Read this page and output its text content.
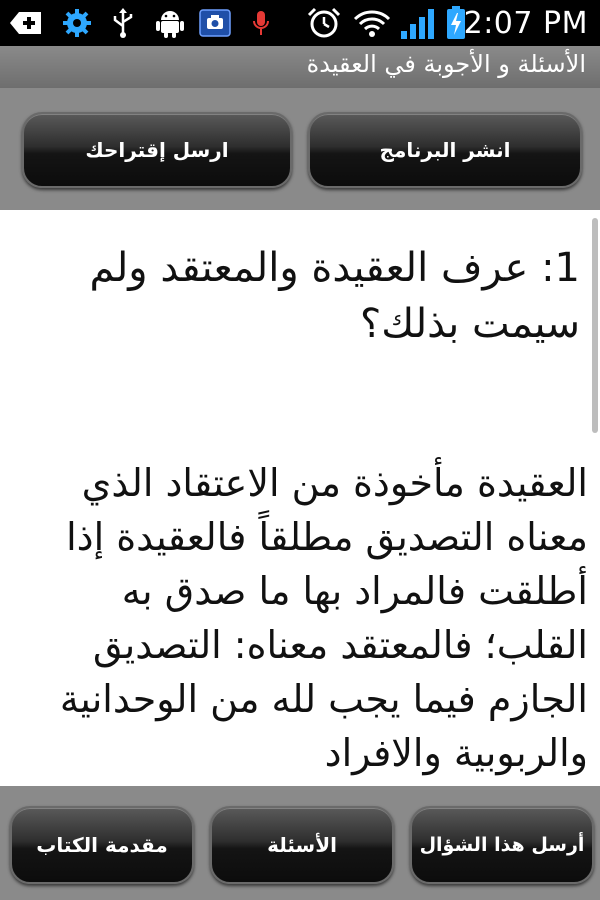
2:07 PM
الأسئلة و الأجوبة في العقيدة
ارسل إقتراحك	انشر البرنامج
1: عرف العقيدة والمعتقد ولم سيمت بذلك؟
العقيدة مأخوذة من الاعتقاد الذي معناه التصديق مطلقاً فالعقيدة إذا أطلقت فالمراد بها ما صدق به القلب؛ فالمعتقد معناه: التصديق الجازم فيما يجب لله من الوحدانية والربوبية والافراد
مقدمة الكتاب	الأسئلة	أرسل هذا الشؤال
